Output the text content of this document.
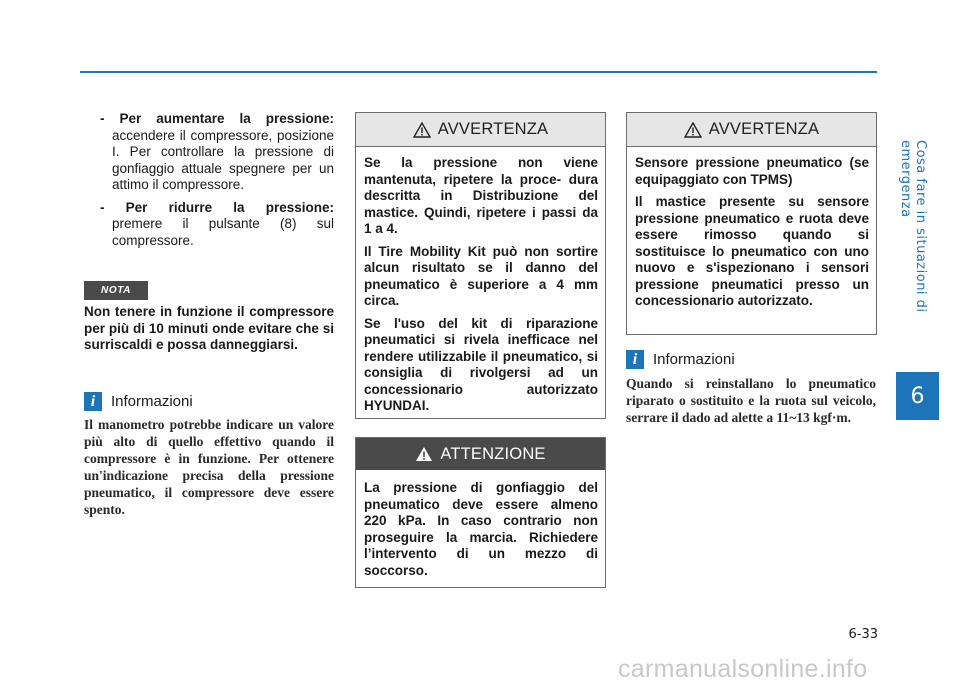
Cosa fare in situazioni di emergenza
6
6-33
carmanualsonline.info
- Per aumentare la pressione:
accendere il compressore, posizione I. Per controllare la pressione di gonfiaggio attuale spegnere per un attimo il compressore.
- Per ridurre la pressione:
premere il pulsante (8) sul compressore.
NOTA
Non tenere in funzione il compressore per più di 10 minuti onde evitare che si surriscaldi e possa danneggiarsi.
i	Informazioni
Il manometro potrebbe indicare un valore più alto di quello effettivo quando il compressore è in funzione. Per ottenere un'indicazione precisa della pressione pneumatico, il compressore deve essere spento.
AVVERTENZA

Se la pressione non viene mantenuta, ripetere la proce- dura descritta in Distribuzione del mastice. Quindi, ripetere i passi da 1 a 4.

Il Tire Mobility Kit può non sortire alcun risultato se il danno del pneumatico è superiore a 4 mm circa.

Se l'uso del kit di riparazione pneumatici si rivela inefficace nel rendere utilizzabile il pneumatico, si consiglia di rivolgersi ad un concessionario autorizzato HYUNDAI.

ATTENZIONE

La pressione di gonfiaggio del pneumatico deve essere almeno 220 kPa. In caso contrario non proseguire la marcia. Richiedere l’intervento di un mezzo di soccorso.

AVVERTENZA

Sensore pressione pneumatico (se equipaggiato con TPMS)

Il mastice presente su sensore pressione pneumatico e ruota deve essere rimosso quando si sostituisce lo pneumatico con uno nuovo e s'ispezionano i sensori pressione pneumatici presso un concessionario autorizzato.

i	Informazioni
Quando si reinstallano lo pneumatico riparato o sostituito e la ruota sul veicolo, serrare il dado ad alette a 11~13 kgf·m.
